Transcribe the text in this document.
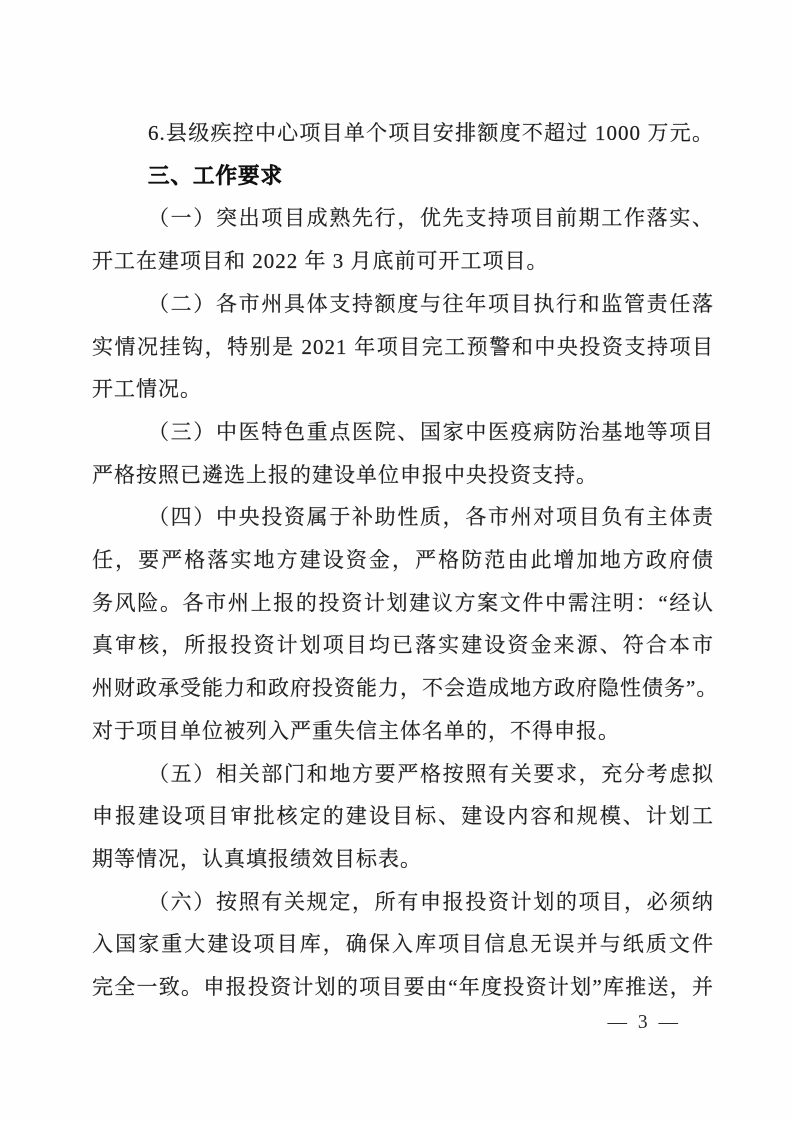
6.县级疾控中心项目单个项目安排额度不超过 1000 万元。
三、工作要求
（一）突出项目成熟先行，优先支持项目前期工作落实、
开工在建项目和 2022 年 3 月底前可开工项目。
（二）各市州具体支持额度与往年项目执行和监管责任落
实情况挂钩，特别是 2021 年项目完工预警和中央投资支持项目
开工情况。
（三）中医特色重点医院、国家中医疫病防治基地等项目
严格按照已遴选上报的建设单位申报中央投资支持。
（四）中央投资属于补助性质，各市州对项目负有主体责
任，要严格落实地方建设资金，严格防范由此增加地方政府债
务风险。各市州上报的投资计划建议方案文件中需注明：“经认
真审核，所报投资计划项目均已落实建设资金来源、符合本市
州财政承受能力和政府投资能力，不会造成地方政府隐性债务”。
对于项目单位被列入严重失信主体名单的，不得申报。
（五）相关部门和地方要严格按照有关要求，充分考虑拟
申报建设项目审批核定的建设目标、建设内容和规模、计划工
期等情况，认真填报绩效目标表。
（六）按照有关规定，所有申报投资计划的项目，必须纳
入国家重大建设项目库，确保入库项目信息无误并与纸质文件
完全一致。申报投资计划的项目要由“年度投资计划”库推送，并
— 3 —
